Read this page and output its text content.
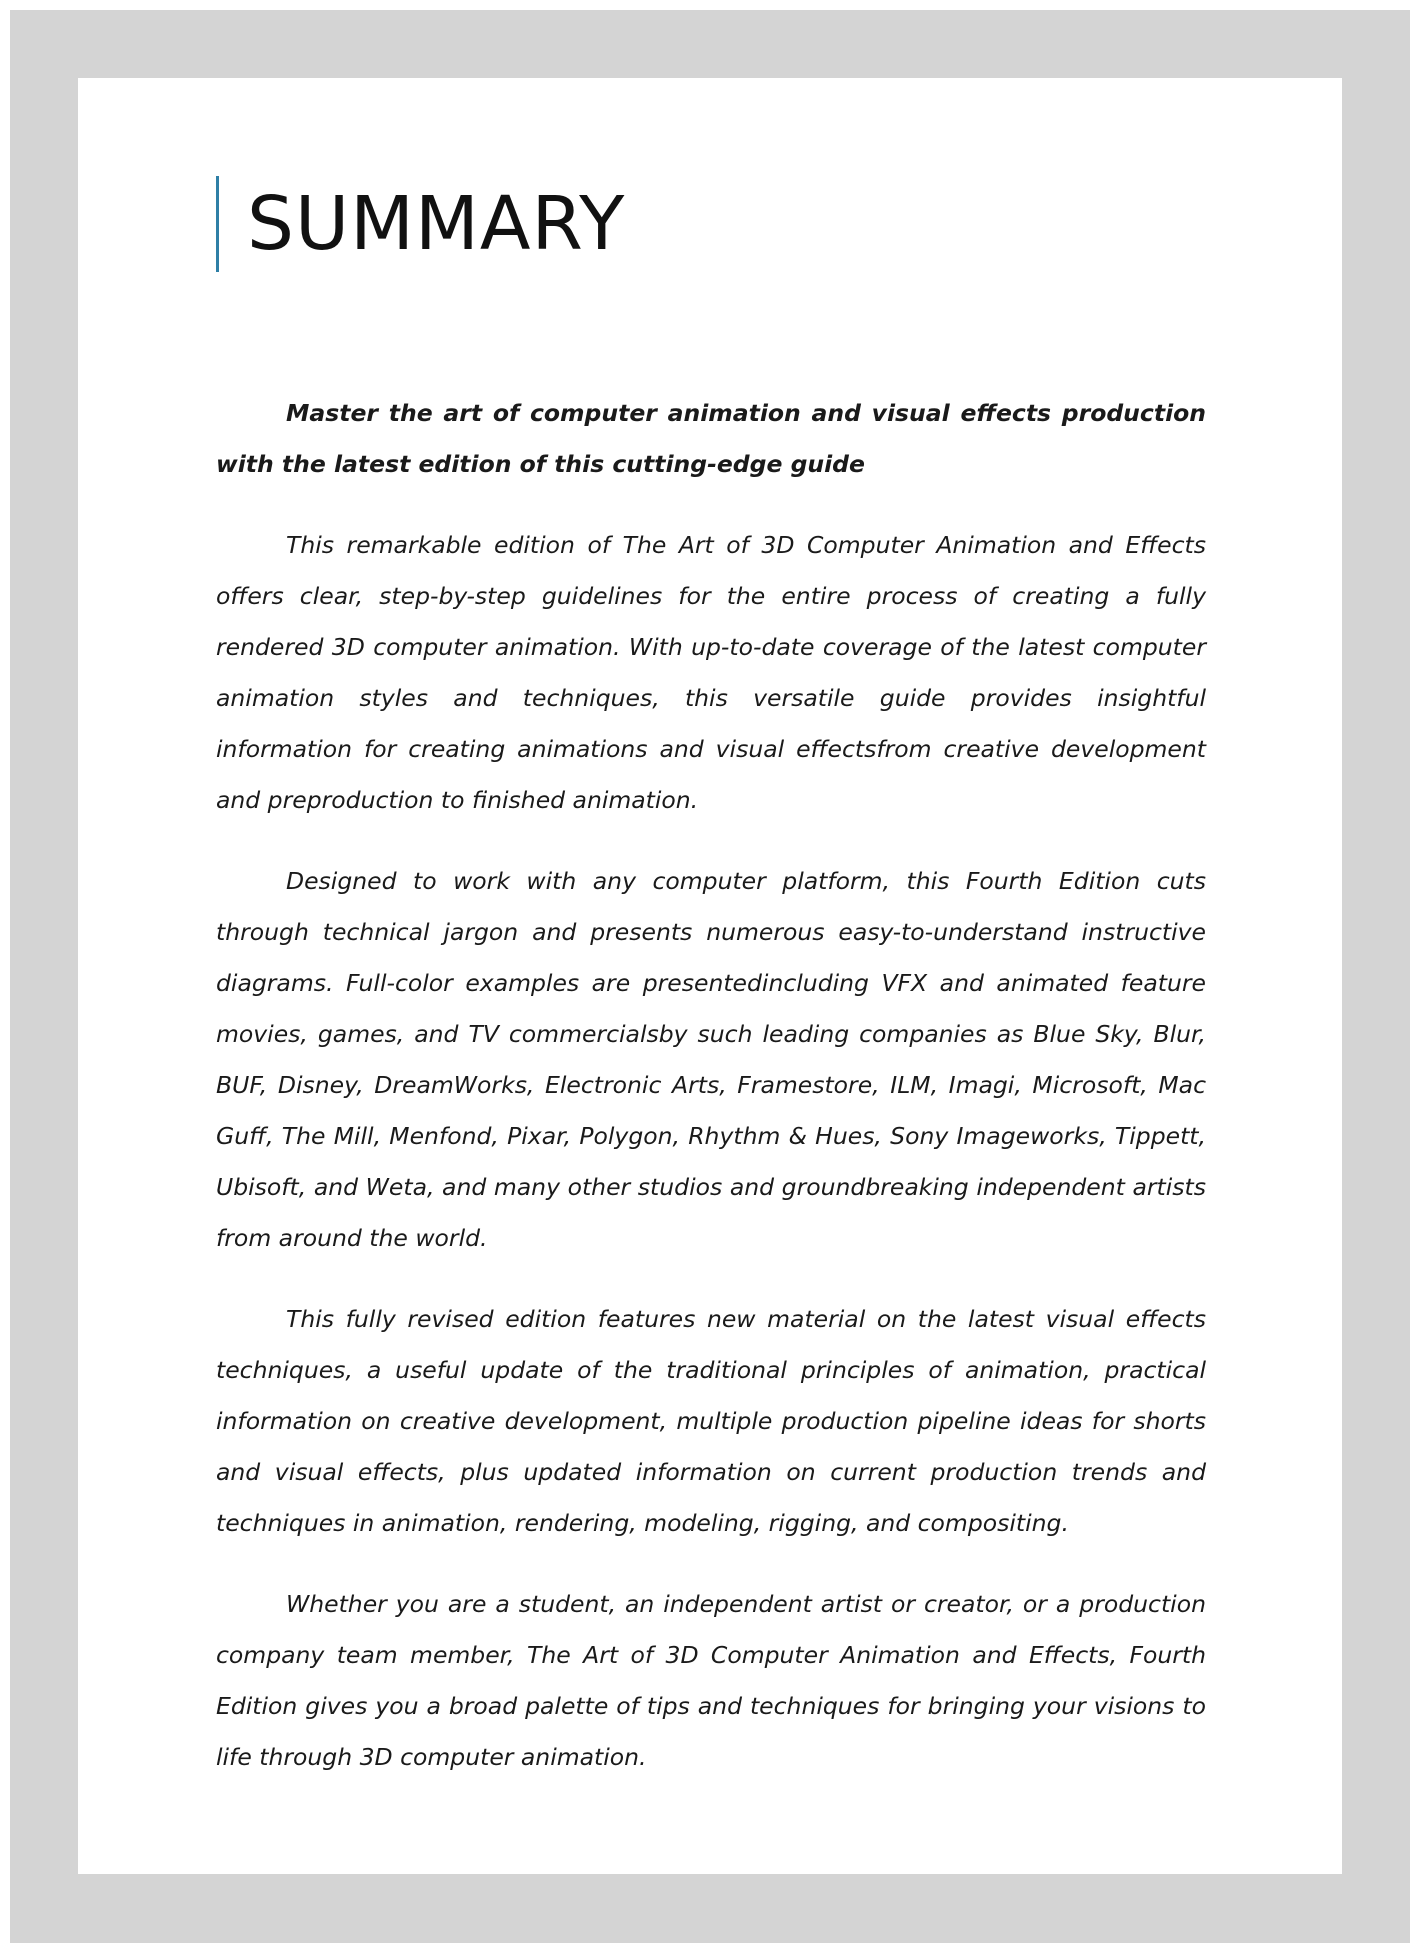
SUMMARY

Master the art of computer animation and visual effects production with the latest edition of this cutting-edge guide

This remarkable edition of The Art of 3D Computer Animation and Effects offers clear, step-by-step guidelines for the entire process of creating a fully rendered 3D computer animation. With up-to-date coverage of the latest computer animation styles and techniques, this versatile guide provides insightful information for creating animations and visual effectsfrom creative development and preproduction to finished animation.

Designed to work with any computer platform, this Fourth Edition cuts through technical jargon and presents numerous easy-to-understand instructive diagrams. Full-color examples are presentedincluding VFX and animated feature movies, games, and TV commercialsby such leading companies as Blue Sky, Blur, BUF, Disney, DreamWorks, Electronic Arts, Framestore, ILM, Imagi, Microsoft, Mac Guff, The Mill, Menfond, Pixar, Polygon, Rhythm & Hues, Sony Imageworks, Tippett, Ubisoft, and Weta, and many other studios and groundbreaking independent artists from around the world.

This fully revised edition features new material on the latest visual effects techniques, a useful update of the traditional principles of animation, practical information on creative development, multiple production pipeline ideas for shorts and visual effects, plus updated information on current production trends and techniques in animation, rendering, modeling, rigging, and compositing.

Whether you are a student, an independent artist or creator, or a production company team member, The Art of 3D Computer Animation and Effects, Fourth Edition gives you a broad palette of tips and techniques for bringing your visions to life through 3D computer animation.
